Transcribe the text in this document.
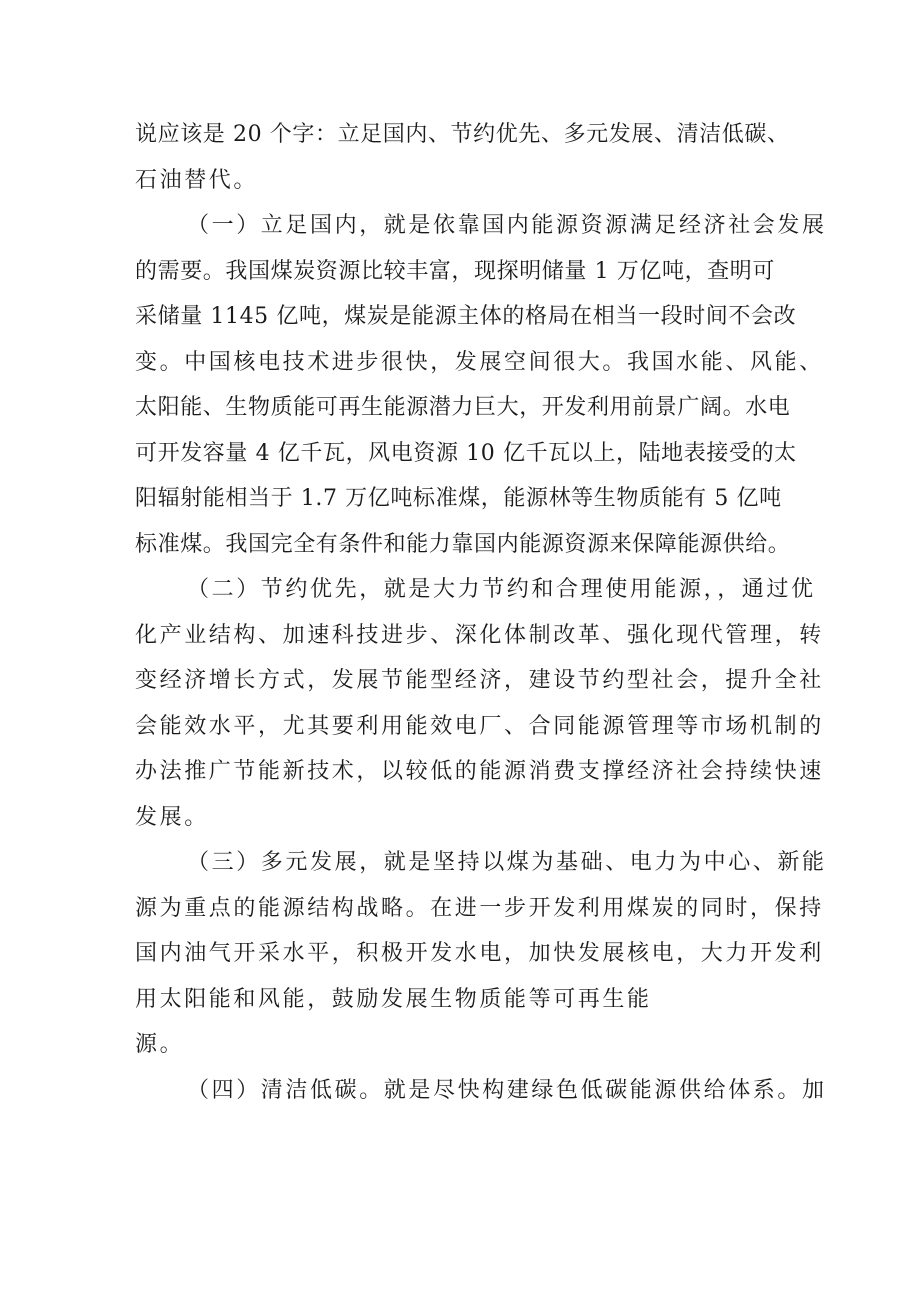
说应该是 20 个字：立足国内、节约优先、多元发展、清洁低碳、
石油替代。
（一）立足国内，就是依靠国内能源资源满足经济社会发展
的需要。我国煤炭资源比较丰富，现探明储量 1 万亿吨，查明可
采储量 1145 亿吨，煤炭是能源主体的格局在相当一段时间不会改
变。中国核电技术进步很快，发展空间很大。我国水能、风能、
太阳能、生物质能可再生能源潜力巨大，开发利用前景广阔。水电
可开发容量 4 亿千瓦，风电资源 10 亿千瓦以上，陆地表接受的太
阳辐射能相当于 1.7 万亿吨标准煤，能源林等生物质能有 5 亿吨
标准煤。我国完全有条件和能力靠国内能源资源来保障能源供给。
（二）节约优先，就是大力节约和合理使用能源，，通过优
化产业结构、加速科技进步、深化体制改革、强化现代管理，转
变经济增长方式，发展节能型经济，建设节约型社会，提升全社
会能效水平，尤其要利用能效电厂、合同能源管理等市场机制的
办法推广节能新技术，以较低的能源消费支撑经济社会持续快速
发展。
（三）多元发展，就是坚持以煤为基础、电力为中心、新能
源为重点的能源结构战略。在进一步开发利用煤炭的同时，保持
国内油气开采水平，积极开发水电，加快发展核电，大力开发利
用太阳能和风能，鼓励发展生物质能等可再生能
源。
（四）清洁低碳。就是尽快构建绿色低碳能源供给体系。加
